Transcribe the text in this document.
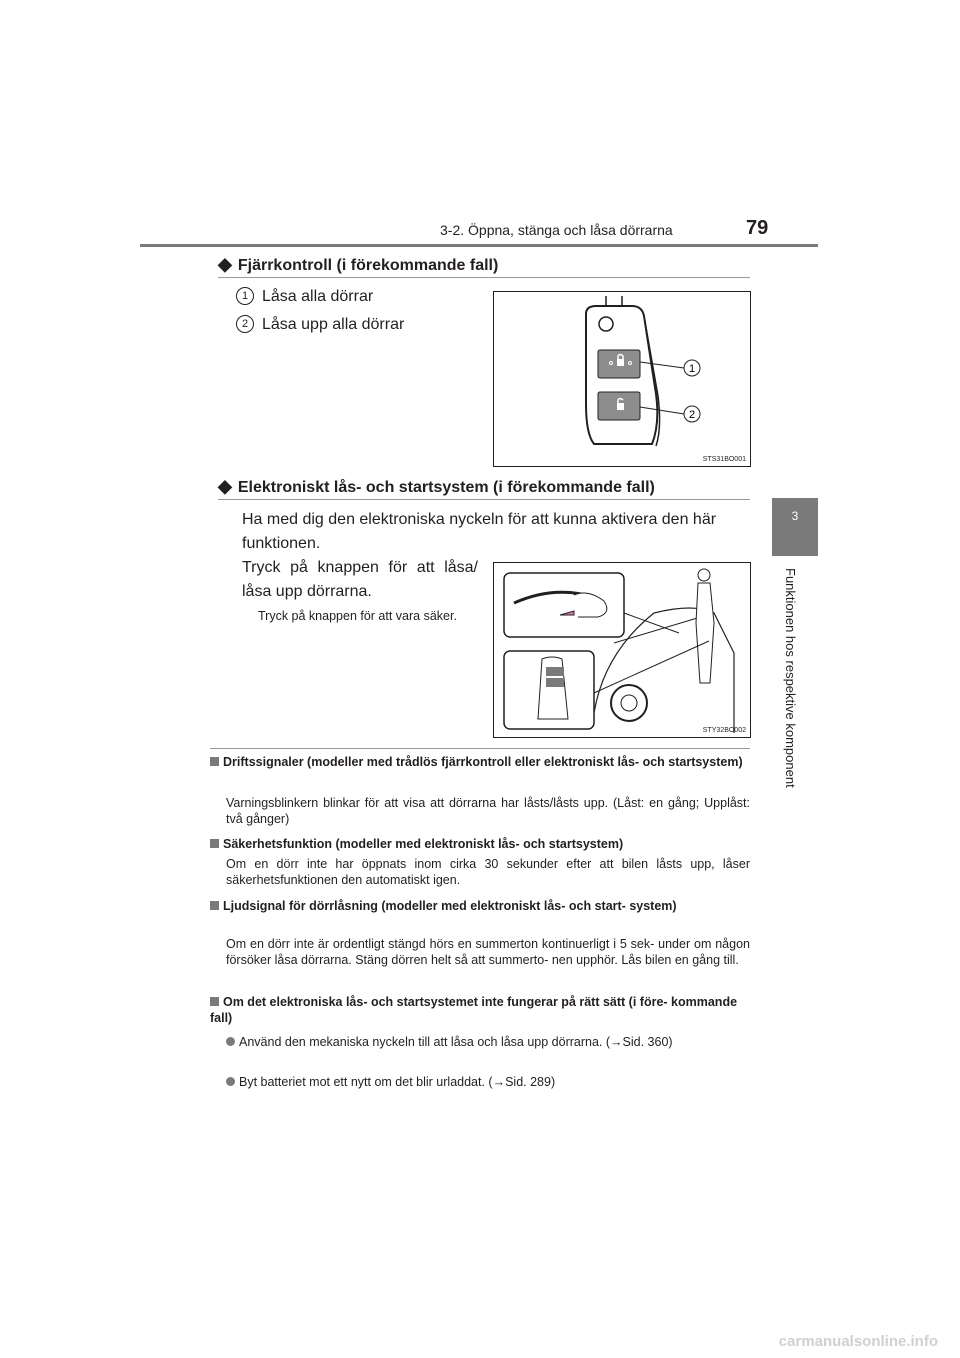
3-2. Öppna, stänga och låsa dörrarna	79
3
Funktionen hos respektive komponent
◆ Fjärrkontroll (i förekommande fall)
1 Låsa alla dörrar
2 Låsa upp alla dörrar
1
2
STS31BO001
◆ Elektroniskt lås- och startsystem (i förekommande fall)
Ha med dig den elektroniska nyckeln för att kunna aktivera den här funktionen.
Tryck på knappen för att låsa/ låsa upp dörrarna.
Tryck på knappen för att vara säker.
STY32BO002
Driftssignaler (modeller med trådlös fjärrkontroll eller elektroniskt lås- och startsystem)
Varningsblinkern blinkar för att visa att dörrarna har låsts/låsts upp. (Låst: en gång; Upplåst: två gånger)
Säkerhetsfunktion (modeller med elektroniskt lås- och startsystem)
Om en dörr inte har öppnats inom cirka 30 sekunder efter att bilen låsts upp, låser säkerhetsfunktionen den automatiskt igen.
Ljudsignal för dörrlåsning (modeller med elektroniskt lås- och start- system)
Om en dörr inte är ordentligt stängd hörs en summerton kontinuerligt i 5 sek- under om någon försöker låsa dörrarna. Stäng dörren helt så att summerto- nen upphör. Lås bilen en gång till.
Om det elektroniska lås- och startsystemet inte fungerar på rätt sätt (i före- kommande fall)
Använd den mekaniska nyckeln till att låsa och låsa upp dörrarna. (→Sid. 360)
Byt batteriet mot ett nytt om det blir urladdat. (→Sid. 289)
carmanualsonline.info
